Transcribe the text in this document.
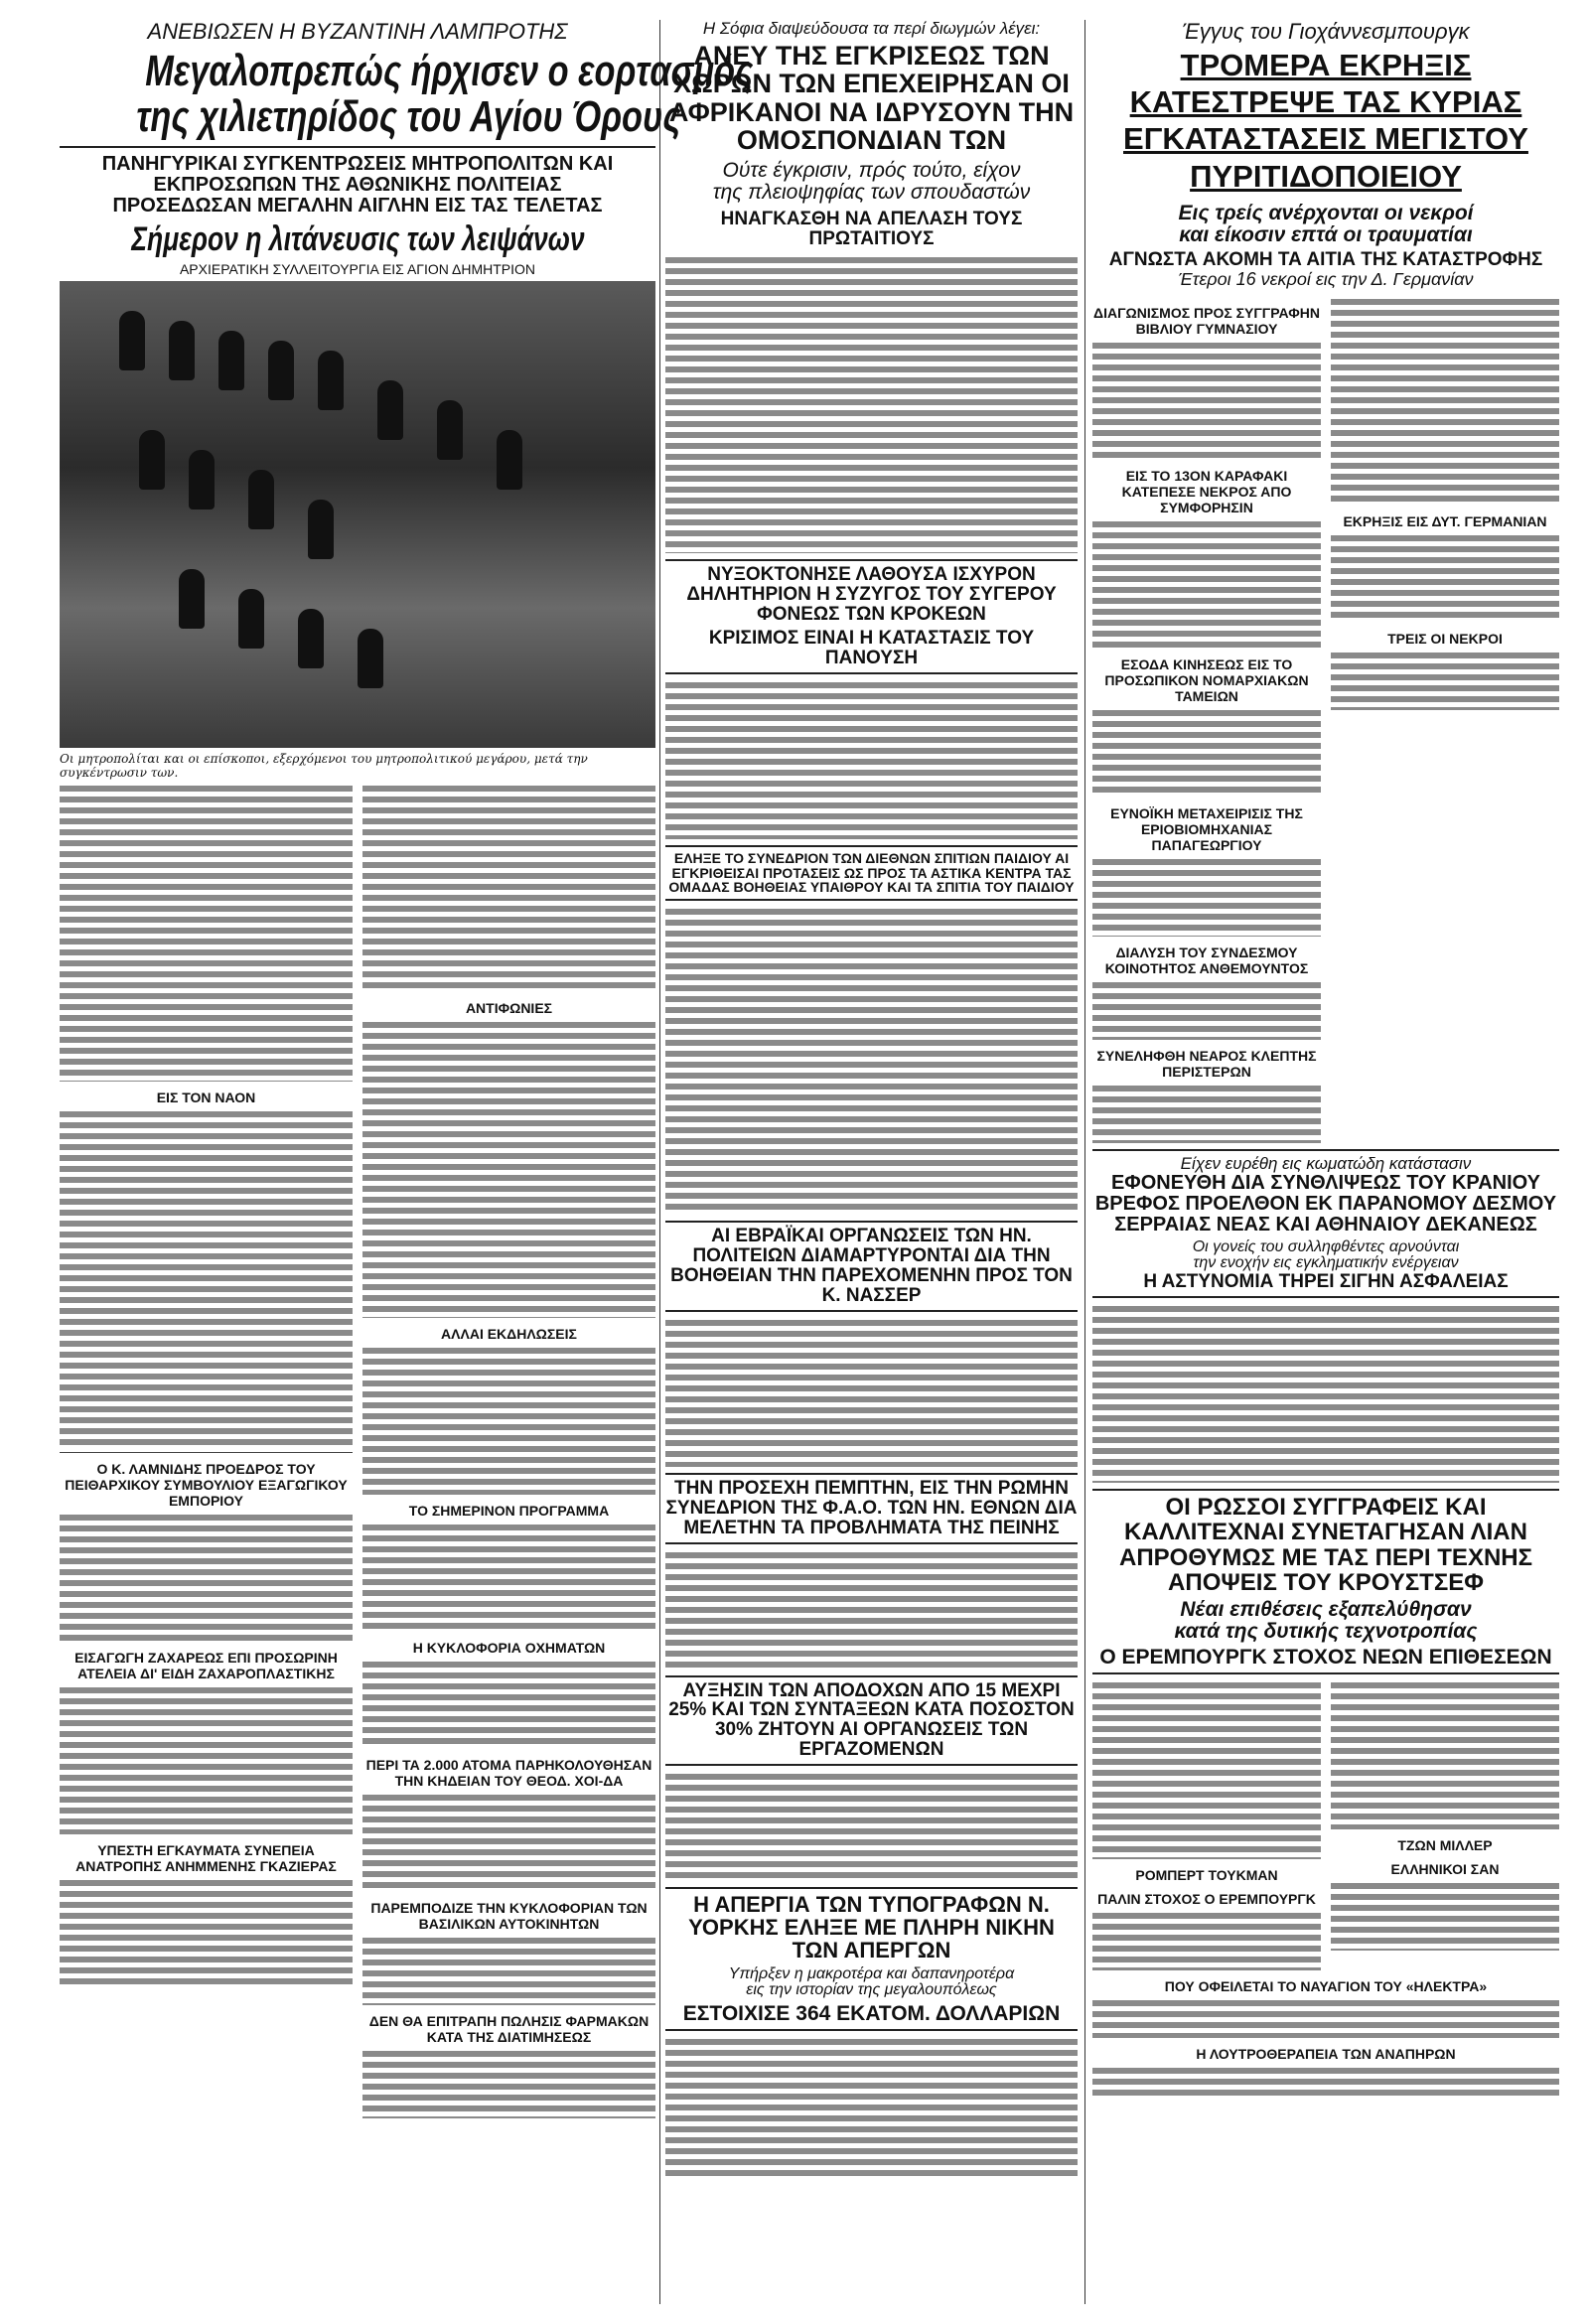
ΑΝΕΒΙΩΣΕΝ Η ΒΥΖΑΝΤΙΝΗ ΛΑΜΠΡΟΤΗΣ
Μεγαλοπρεπώς ήρχισεν ο εορτασμός
της χιλιετηρίδος του Αγίου Όρους
ΠΑΝΗΓΥΡΙΚΑΙ ΣΥΓΚΕΝΤΡΩΣΕΙΣ ΜΗΤΡΟΠΟΛΙΤΩΝ ΚΑΙ ΕΚΠΡΟΣΩΠΩΝ ΤΗΣ ΑΘΩΝΙΚΗΣ ΠΟΛΙΤΕΙΑΣ ΠΡΟΣΕΔΩΣΑΝ ΜΕΓΑΛΗΝ ΑΙΓΛΗΝ ΕΙΣ ΤΑΣ ΤΕΛΕΤΑΣ
Σήμερον η λιτάνευσις των λειψάνων
ΑΡΧΙΕΡΑΤΙΚΗ ΣΥΛΛΕΙΤΟΥΡΓΙΑ ΕΙΣ ΑΓΙΟΝ ΔΗΜΗΤΡΙΟΝ
Οι μητροπολίται και οι επίσκοποι, εξερχόμενοι του μητροπολιτικού μεγάρου, μετά την συγκέντρωσιν των.
ΕΙΣ ΤΟΝ ΝΑΟΝ
Ο Κ. ΛΑΜΝΙΔΗΣ ΠΡΟΕΔΡΟΣ ΤΟΥ ΠΕΙΘΑΡΧΙΚΟΥ ΣΥΜΒΟΥΛΙΟΥ ΕΞΑΓΩΓΙΚΟΥ ΕΜΠΟΡΙΟΥ
ΕΙΣΑΓΩΓΗ ΖΑΧΑΡΕΩΣ ΕΠΙ ΠΡΟΣΩΡΙΝΗ ΑΤΕΛΕΙΑ ΔΙ' ΕΙΔΗ ΖΑΧΑΡΟΠΛΑΣΤΙΚΗΣ
ΥΠΕΣΤΗ ΕΓΚΑΥΜΑΤΑ ΣΥΝΕΠΕΙΑ ΑΝΑΤΡΟΠΗΣ ΑΝΗΜΜΕΝΗΣ ΓΚΑΖΙΕΡΑΣ
ΑΝΤΙΦΩΝΙΕΣ
ΑΛΛΑΙ ΕΚΔΗΛΩΣΕΙΣ
ΤΟ ΣΗΜΕΡΙΝΟΝ ΠΡΟΓΡΑΜΜΑ
Η ΚΥΚΛΟΦΟΡΙΑ ΟΧΗΜΑΤΩΝ
ΠΕΡΙ ΤΑ 2.000 ΑΤΟΜΑ ΠΑΡΗΚΟΛΟΥΘΗΣΑΝ ΤΗΝ ΚΗΔΕΙΑΝ ΤΟΥ ΘΕΟΔ. ΧΟΙ-ΔΑ
ΠΑΡΕΜΠΟΔΙΖΕ ΤΗΝ ΚΥΚΛΟΦΟΡΙΑΝ ΤΩΝ ΒΑΣΙΛΙΚΩΝ ΑΥΤΟΚΙΝΗΤΩΝ
ΔΕΝ ΘΑ ΕΠΙΤΡΑΠΗ ΠΩΛΗΣΙΣ ΦΑΡΜΑΚΩΝ ΚΑΤΑ ΤΗΣ ΔΙΑΤΙΜΗΣΕΩΣ
Η Σόφια διαψεύδουσα τα περί διωγμών λέγει:
ΑΝΕΥ ΤΗΣ ΕΓΚΡΙΣΕΩΣ ΤΩΝ ΧΩΡΩΝ ΤΩΝ ΕΠΕΧΕΙΡΗΣΑΝ ΟΙ ΑΦΡΙΚΑΝΟΙ ΝΑ ΙΔΡΥΣΟΥΝ ΤΗΝ ΟΜΟΣΠΟΝΔΙΑΝ ΤΩΝ
Ούτε έγκρισιν, πρός τούτο, είχον
της πλειοψηφίας των σπουδαστών
ΗΝΑΓΚΑΣΘΗ ΝΑ ΑΠΕΛΑΣΗ ΤΟΥΣ ΠΡΩΤΑΙΤΙΟΥΣ
ΝΥΞΟΚΤΟΝΗΣΕ ΛΑΘΟΥΣΑ ΙΣΧΥΡΟΝ ΔΗΛΗΤΗΡΙΟΝ Η ΣΥΖΥΓΟΣ ΤΟΥ ΣΥΓΕΡΟΥ ΦΟΝΕΩΣ ΤΩΝ ΚΡΟΚΕΩΝ
ΚΡΙΣΙΜΟΣ ΕΙΝΑΙ Η ΚΑΤΑΣΤΑΣΙΣ ΤΟΥ ΠΑΝΟΥΣΗ
ΕΛΗΞΕ ΤΟ ΣΥΝΕΔΡΙΟΝ ΤΩΝ ΔΙΕΘΝΩΝ ΣΠΙΤΙΩΝ ΠΑΙΔΙΟΥ ΑΙ ΕΓΚΡΙΘΕΙΣΑΙ ΠΡΟΤΑΣΕΙΣ ΩΣ ΠΡΟΣ ΤΑ ΑΣΤΙΚΑ ΚΕΝΤΡΑ ΤΑΣ ΟΜΑΔΑΣ ΒΟΗΘΕΙΑΣ ΥΠΑΙΘΡΟΥ ΚΑΙ ΤΑ ΣΠΙΤΙΑ ΤΟΥ ΠΑΙΔΙΟΥ
ΑΙ ΕΒΡΑΪΚΑΙ ΟΡΓΑΝΩΣΕΙΣ ΤΩΝ ΗΝ. ΠΟΛΙΤΕΙΩΝ ΔΙΑΜΑΡΤΥΡΟΝΤΑΙ ΔΙΑ ΤΗΝ ΒΟΗΘΕΙΑΝ ΤΗΝ ΠΑΡΕΧΟΜΕΝΗΝ ΠΡΟΣ ΤΟΝ Κ. ΝΑΣΣΕΡ
ΤΗΝ ΠΡΟΣΕΧΗ ΠΕΜΠΤΗΝ, ΕΙΣ ΤΗΝ ΡΩΜΗΝ ΣΥΝΕΔΡΙΟΝ ΤΗΣ Φ.Α.Ο. ΤΩΝ ΗΝ. ΕΘΝΩΝ ΔΙΑ ΜΕΛΕΤΗΝ ΤΑ ΠΡΟΒΛΗΜΑΤΑ ΤΗΣ ΠΕΙΝΗΣ
ΑΥΞΗΣΙΝ ΤΩΝ ΑΠΟΔΟΧΩΝ ΑΠΟ 15 ΜΕΧΡΙ 25% ΚΑΙ ΤΩΝ ΣΥΝΤΑΞΕΩΝ ΚΑΤΑ ΠΟΣΟΣΤΟΝ 30% ΖΗΤΟΥΝ ΑΙ ΟΡΓΑΝΩΣΕΙΣ ΤΩΝ ΕΡΓΑΖΟΜΕΝΩΝ
Η ΑΠΕΡΓΙΑ ΤΩΝ ΤΥΠΟΓΡΑΦΩΝ Ν. ΥΟΡΚΗΣ ΕΛΗΞΕ ΜΕ ΠΛΗΡΗ ΝΙΚΗΝ ΤΩΝ ΑΠΕΡΓΩΝ
Υπήρξεν η μακροτέρα και δαπανηροτέρα
εις την ιστορίαν της μεγαλουπόλεως
ΕΣΤΟΙΧΙΣΕ 364 ΕΚΑΤΟΜ. ΔΟΛΛΑΡΙΩΝ
Έγγυς του Γιοχάννεσμπουργκ
ΤΡΟΜΕΡΑ ΕΚΡΗΞΙΣ ΚΑΤΕΣΤΡΕΨΕ ΤΑΣ ΚΥΡΙΑΣ ΕΓΚΑΤΑΣΤΑΣΕΙΣ ΜΕΓΙΣΤΟΥ ΠΥΡΙΤΙΔΟΠΟΙΕΙΟΥ
Εις τρείς ανέρχονται οι νεκροί
και είκοσιν επτά οι τραυματίαι
ΑΓΝΩΣΤΑ ΑΚΟΜΗ ΤΑ ΑΙΤΙΑ ΤΗΣ ΚΑΤΑΣΤΡΟΦΗΣ
Έτεροι 16 νεκροί εις την Δ. Γερμανίαν
ΔΙΑΓΩΝΙΣΜΟΣ ΠΡΟΣ ΣΥΓΓΡΑΦΗΝ ΒΙΒΛΙΟΥ ΓΥΜΝΑΣΙΟΥ
ΕΙΣ ΤΟ 13ΟΝ ΚΑΡΑΦΑΚΙ ΚΑΤΕΠΕΣΕ ΝΕΚΡΟΣ ΑΠΟ ΣΥΜΦΟΡΗΣΙΝ
ΕΣΟΔΑ ΚΙΝΗΣΕΩΣ ΕΙΣ ΤΟ ΠΡΟΣΩΠΙΚΟΝ ΝΟΜΑΡΧΙΑΚΩΝ ΤΑΜΕΙΩΝ
ΕΥΝΟΪΚΗ ΜΕΤΑΧΕΙΡΙΣΙΣ ΤΗΣ ΕΡΙΟΒΙΟΜΗΧΑΝΙΑΣ ΠΑΠΑΓΕΩΡΓΙΟΥ
ΔΙΑΛΥΣΗ ΤΟΥ ΣΥΝΔΕΣΜΟΥ ΚΟΙΝΟΤΗΤΟΣ ΑΝΘΕΜΟΥΝΤΟΣ
ΣΥΝΕΛΗΦΘΗ ΝΕΑΡΟΣ ΚΛΕΠΤΗΣ ΠΕΡΙΣΤΕΡΩΝ
ΕΚΡΗΞΙΣ ΕΙΣ ΔΥΤ. ΓΕΡΜΑΝΙΑΝ
ΤΡΕΙΣ ΟΙ ΝΕΚΡΟΙ
Είχεν ευρέθη εις κωματώδη κατάστασιν
ΕΦΟΝΕΥΘΗ ΔΙΑ ΣΥΝΘΛΙΨΕΩΣ ΤΟΥ ΚΡΑΝΙΟΥ ΒΡΕΦΟΣ ΠΡΟΕΛΘΟΝ ΕΚ ΠΑΡΑΝΟΜΟΥ ΔΕΣΜΟΥ ΣΕΡΡΑΙΑΣ ΝΕΑΣ ΚΑΙ ΑΘΗΝΑΙΟΥ ΔΕΚΑΝΕΩΣ
Οι γονείς του συλληφθέντες αρνούνται
την ενοχήν εις εγκληματικήν ενέργειαν
Η ΑΣΤΥΝΟΜΙΑ ΤΗΡΕΙ ΣΙΓΗΝ ΑΣΦΑΛΕΙΑΣ
ΟΙ ΡΩΣΣΟΙ ΣΥΓΓΡΑΦΕΙΣ ΚΑΙ ΚΑΛΛΙΤΕΧΝΑΙ ΣΥΝΕΤΑΓΗΣΑΝ ΛΙΑΝ ΑΠΡΟΘΥΜΩΣ ΜΕ ΤΑΣ ΠΕΡΙ ΤΕΧΝΗΣ ΑΠΟΨΕΙΣ ΤΟΥ ΚΡΟΥΣΤΣΕΦ
Νέαι επιθέσεις εξαπελύθησαν
κατά της δυτικής τεχνοτροπίας
Ο ΕΡΕΜΠΟΥΡΓΚ ΣΤΟΧΟΣ ΝΕΩΝ ΕΠΙΘΕΣΕΩΝ
ΡΟΜΠΕΡΤ ΤΟΥΚΜΑΝ
ΠΑΛΙΝ ΣΤΟΧΟΣ Ο ΕΡΕΜΠΟΥΡΓΚ
ΤΖΩΝ ΜΙΛΛΕΡ
ΕΛΛΗΝΙΚΟΙ ΣΑΝ
ΠΟΥ ΟΦΕΙΛΕΤΑΙ ΤΟ ΝΑΥΑΓΙΟΝ ΤΟΥ «ΗΛΕΚΤΡΑ»
Η ΛΟΥΤΡΟΘΕΡΑΠΕΙΑ ΤΩΝ ΑΝΑΠΗΡΩΝ
